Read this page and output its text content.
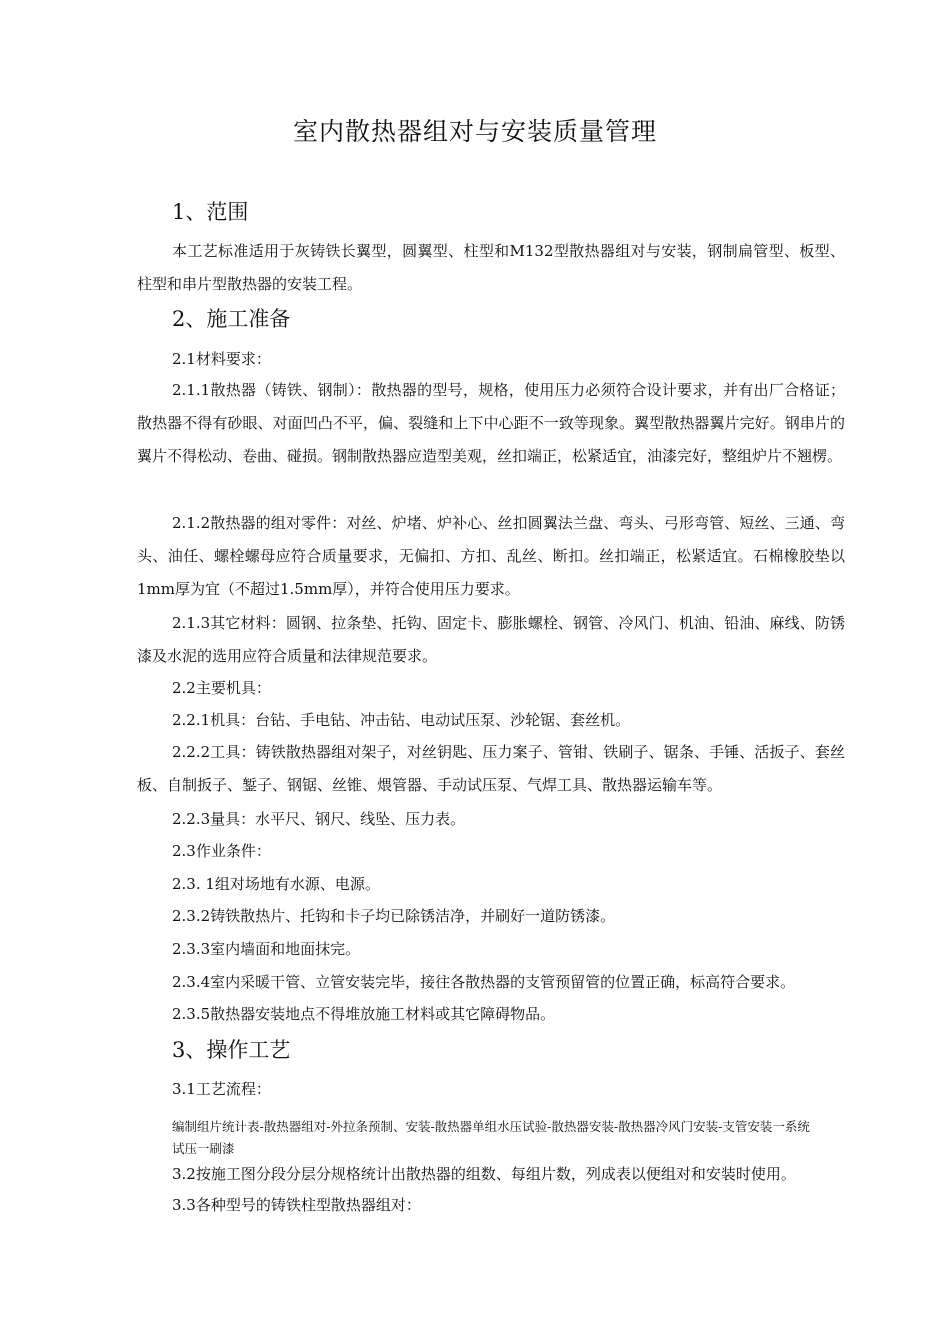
室内散热器组对与安装质量管理
1、范围
本工艺标准适用于灰铸铁长翼型，圆翼型、柱型和M132型散热器组对与安装，钢制扁管型、板型、柱型和串片型散热器的安装工程。
2、施工准备
2.1材料要求：
2.1.1散热器（铸铁、钢制）：散热器的型号，规格，使用压力必须符合设计要求，并有出厂合格证；散热器不得有砂眼、对面凹凸不平，偏、裂缝和上下中心距不一致等现象。翼型散热器翼片完好。钢串片的翼片不得松动、卷曲、碰损。钢制散热器应造型美观，丝扣端正，松紧适宜，油漆完好，整组炉片不翘楞。
2.1.2散热器的组对零件：对丝、炉堵、炉补心、丝扣圆翼法兰盘、弯头、弓形弯管、短丝、三通、弯头、油任、螺栓螺母应符合质量要求，无偏扣、方扣、乱丝、断扣。丝扣端正，松紧适宜。石棉橡胶垫以1mm厚为宜（不超过1.5mm厚），并符合使用压力要求。
2.1.3其它材料：圆钢、拉条垫、托钩、固定卡、膨胀螺栓、钢管、冷风门、机油、铅油、麻线、防锈漆及水泥的选用应符合质量和法律规范要求。
2.2主要机具：
2.2.1机具：台钻、手电钻、冲击钻、电动试压泵、沙轮锯、套丝机。
2.2.2工具：铸铁散热器组对架子，对丝钥匙、压力案子、管钳、铁刷子、锯条、手锤、活扳子、套丝板、自制扳子、錾子、钢锯、丝锥、煨管器、手动试压泵、气焊工具、散热器运输车等。
2.2.3量具：水平尺、钢尺、线坠、压力表。
2.3作业条件：
2.3. 1组对场地有水源、电源。
2.3.2铸铁散热片、托钩和卡子均已除锈洁净，并刷好一道防锈漆。
2.3.3室内墙面和地面抹完。
2.3.4室内采暖干管、立管安装完毕，接往各散热器的支管预留管的位置正确，标高符合要求。
2.3.5散热器安装地点不得堆放施工材料或其它障碍物品。
3、操作工艺
3.1工艺流程：
编制组片统计表-散热器组对-外拉条预制、安装-散热器单组水压试验-散热器安装-散热器冷风门安装-支管安装一系统试压一刷漆
3.2按施工图分段分层分规格统计出散热器的组数、每组片数，列成表以便组对和安装时使用。
3.3各种型号的铸铁柱型散热器组对：
